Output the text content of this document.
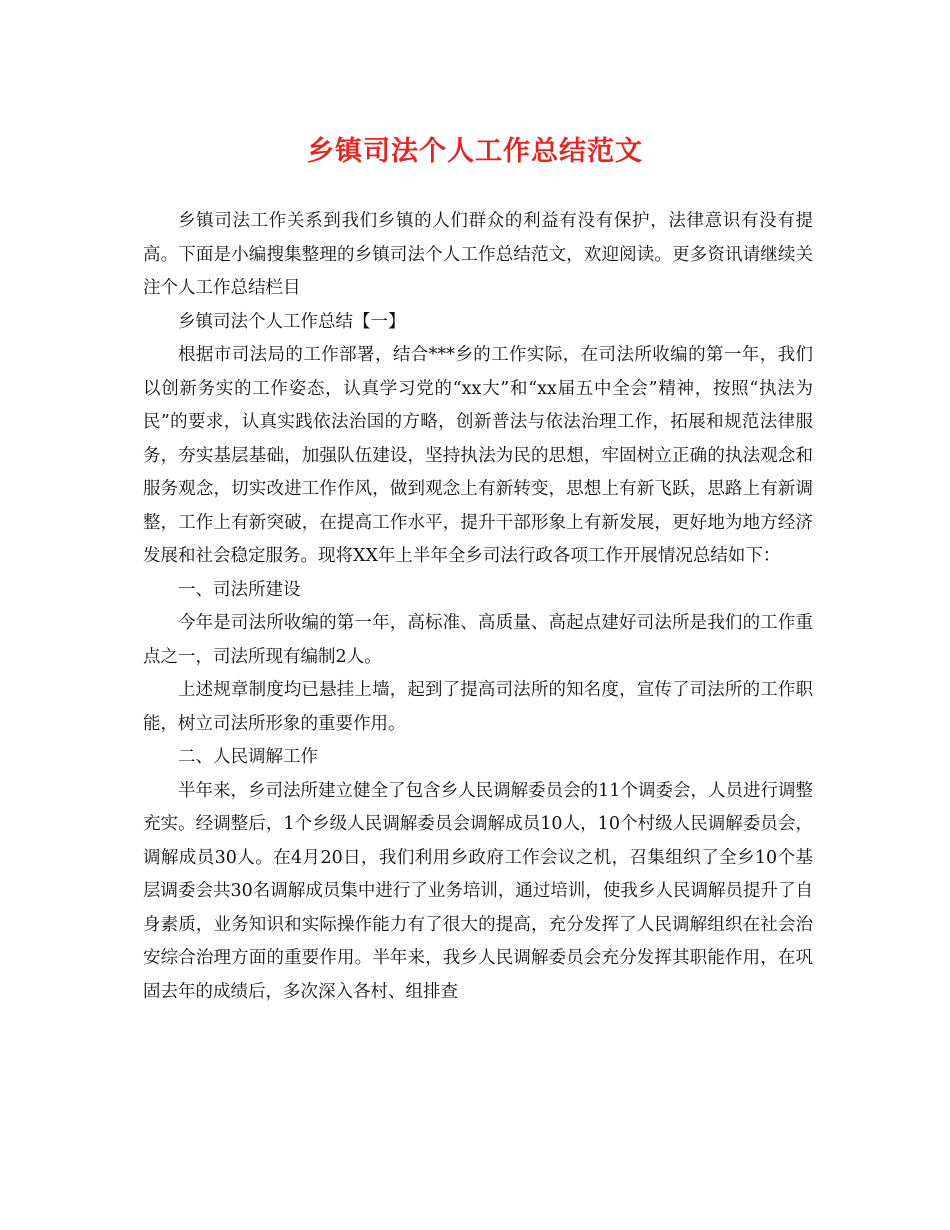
乡镇司法个人工作总结范文

乡镇司法工作关系到我们乡镇的人们群众的利益有没有保护，法律意识有没有提高。下面是小编搜集整理的乡镇司法个人工作总结范文，欢迎阅读。更多资讯请继续关注个人工作总结栏目

乡镇司法个人工作总结【一】

根据市司法局的工作部署，结合***乡的工作实际，在司法所收编的第一年，我们以创新务实的工作姿态，认真学习党的“xx大”和“xx届五中全会”精神，按照“执法为民”的要求，认真实践依法治国的方略，创新普法与依法治理工作，拓展和规范法律服务，夯实基层基础，加强队伍建设，坚持执法为民的思想，牢固树立正确的执法观念和服务观念，切实改进工作作风，做到观念上有新转变，思想上有新飞跃，思路上有新调整，工作上有新突破，在提高工作水平，提升干部形象上有新发展，更好地为地方经济发展和社会稳定服务。现将XX年上半年全乡司法行政各项工作开展情况总结如下：

一、司法所建设

今年是司法所收编的第一年，高标准、高质量、高起点建好司法所是我们的工作重点之一，司法所现有编制2人。

上述规章制度均已悬挂上墙，起到了提高司法所的知名度，宣传了司法所的工作职能，树立司法所形象的重要作用。

二、人民调解工作

半年来，乡司法所建立健全了包含乡人民调解委员会的11个调委会，人员进行调整充实。经调整后，1个乡级人民调解委员会调解成员10人，10个村级人民调解委员会，调解成员30人。在4月20日，我们利用乡政府工作会议之机，召集组织了全乡10个基层调委会共30名调解成员集中进行了业务培训，通过培训，使我乡人民调解员提升了自身素质，业务知识和实际操作能力有了很大的提高，充分发挥了人民调解组织在社会治安综合治理方面的重要作用。半年来，我乡人民调解委员会充分发挥其职能作用，在巩固去年的成绩后，多次深入各村、组排查
